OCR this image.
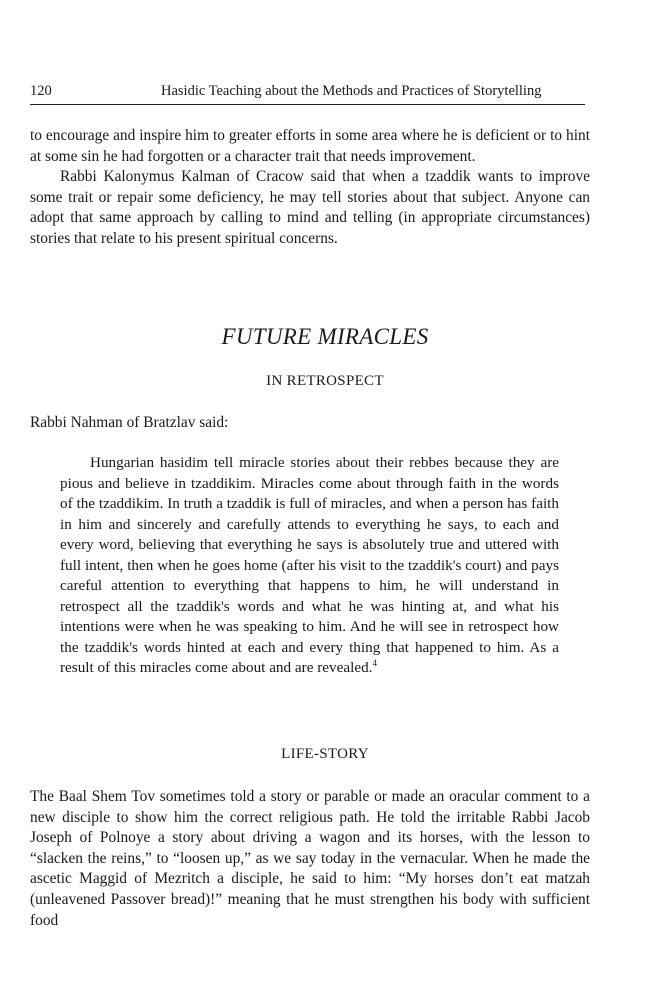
120	Hasidic Teaching about the Methods and Practices of Storytelling

to encourage and inspire him to greater efforts in some area where he is deficient or to hint at some sin he had forgotten or a character trait that needs improvement.

Rabbi Kalonymus Kalman of Cracow said that when a tzaddik wants to improve some trait or repair some deficiency, he may tell stories about that subject. Anyone can adopt that same approach by calling to mind and telling (in appropriate circumstances) stories that relate to his present spiritual concerns.

FUTURE MIRACLES
IN RETROSPECT

Rabbi Nahman of Bratzlav said:

Hungarian hasidim tell miracle stories about their rebbes because they are pious and believe in tzaddikim. Miracles come about through faith in the words of the tzaddikim. In truth a tzaddik is full of miracles, and when a person has faith in him and sincerely and carefully attends to everything he says, to each and every word, believing that everything he says is absolutely true and uttered with full intent, then when he goes home (after his visit to the tzaddik's court) and pays careful attention to everything that happens to him, he will understand in retrospect all the tzaddik's words and what he was hinting at, and what his intentions were when he was speaking to him. And he will see in retrospect how the tzaddik's words hinted at each and every thing that happened to him. As a result of this miracles come about and are revealed.$^4$

LIFE-STORY

The Baal Shem Tov sometimes told a story or parable or made an oracular comment to a new disciple to show him the correct religious path. He told the irritable Rabbi Jacob Joseph of Polnoye a story about driving a wagon and its horses, with the lesson to “slacken the reins,” to “loosen up,” as we say today in the vernacular. When he made the ascetic Maggid of Mezritch a disciple, he said to him: “My horses don’t eat matzah (unleavened Passover bread)!” meaning that he must strengthen his body with sufficient food
